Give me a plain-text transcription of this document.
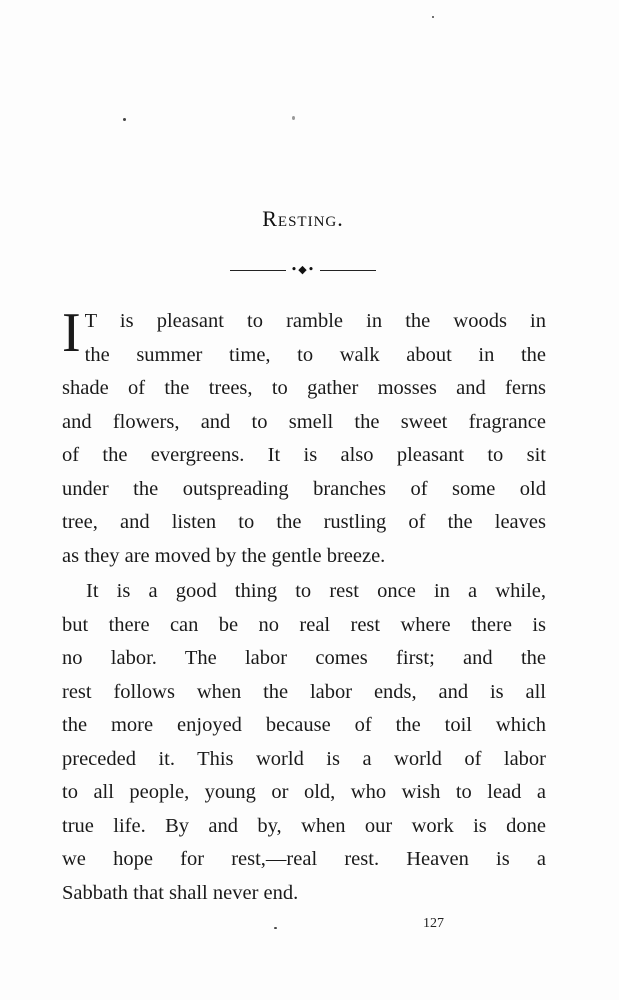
Resting.
•◆•
I T is pleasant to ramble in the woods in
the summer time, to walk about in the
shade of the trees, to gather mosses and ferns
and flowers, and to smell the sweet fragrance
of the evergreens. It is also pleasant to sit
under the outspreading branches of some old
tree, and listen to the rustling of the leaves
as they are moved by the gentle breeze.
It is a good thing to rest once in a while,
but there can be no real rest where there is
no labor. The labor comes first; and the
rest follows when the labor ends, and is all
the more enjoyed because of the toil which
preceded it. This world is a world of labor
to all people, young or old, who wish to lead a
true life. By and by, when our work is done
we hope for rest,—real rest. Heaven is a
Sabbath that shall never end.
127
